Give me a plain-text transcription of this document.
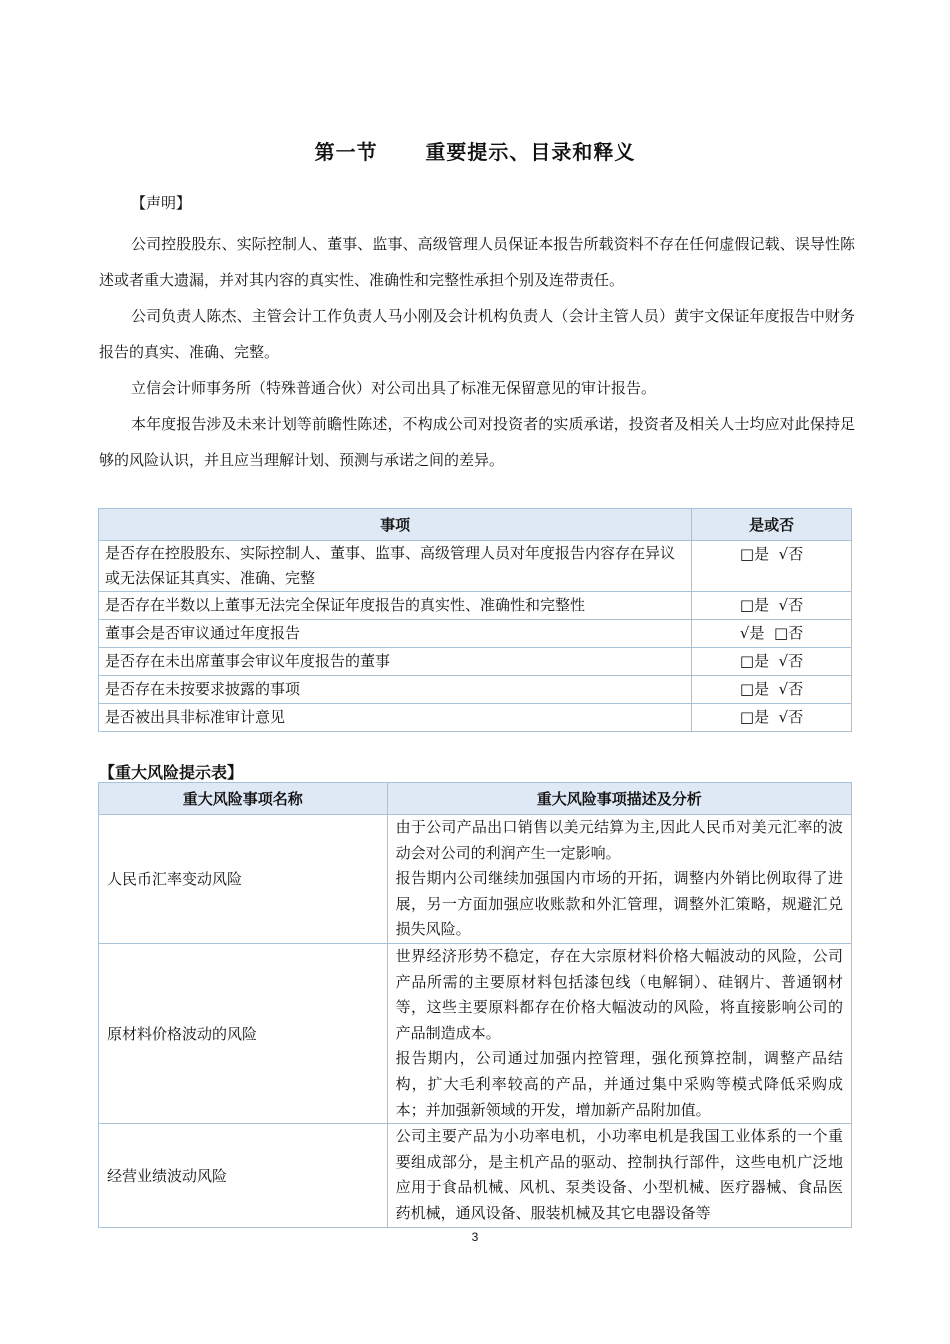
第一节      重要提示、目录和释义
【声明】
公司控股股东、实际控制人、董事、监事、高级管理人员保证本报告所载资料不存在任何虚假记载、误导性陈述或者重大遗漏，并对其内容的真实性、准确性和完整性承担个别及连带责任。
公司负责人陈杰、主管会计工作负责人马小刚及会计机构负责人（会计主管人员）黄宇文保证年度报告中财务报告的真实、准确、完整。
立信会计师事务所（特殊普通合伙）对公司出具了标准无保留意见的审计报告。
本年度报告涉及未来计划等前瞻性陈述，不构成公司对投资者的实质承诺，投资者及相关人士均应对此保持足够的风险认识，并且应当理解计划、预测与承诺之间的差异。
事项	是或否
是否存在控股股东、实际控制人、董事、监事、高级管理人员对年度报告内容存在异议或无法保证其真实、准确、完整	□是  √否
是否存在半数以上董事无法完全保证年度报告的真实性、准确性和完整性	□是  √否
董事会是否审议通过年度报告	√是  □否
是否存在未出席董事会审议年度报告的董事	□是  √否
是否存在未按要求披露的事项	□是  √否
是否被出具非标准审计意见	□是  √否
【重大风险提示表】
重大风险事项名称	重大风险事项描述及分析
人民币汇率变动风险	由于公司产品出口销售以美元结算为主,因此人民币对美元汇率的波动会对公司的利润产生一定影响。
报告期内公司继续加强国内市场的开拓，调整内外销比例取得了进展，另一方面加强应收账款和外汇管理，调整外汇策略，规避汇兑损失风险。

原材料价格波动的风险	世界经济形势不稳定，存在大宗原材料价格大幅波动的风险，公司产品所需的主要原材料包括漆包线（电解铜）、硅钢片、普通钢材等，这些主要原料都存在价格大幅波动的风险，将直接影响公司的产品制造成本。
报告期内，公司通过加强内控管理，强化预算控制，调整产品结构，扩大毛利率较高的产品，并通过集中采购等模式降低采购成本；并加强新领域的开发，增加新产品附加值。

经营业绩波动风险	公司主要产品为小功率电机，小功率电机是我国工业体系的一个重要组成部分，是主机产品的驱动、控制执行部件，这些电机广泛地应用于食品机械、风机、泵类设备、小型机械、医疗器械、食品医药机械，通风设备、服装机械及其它电器设备等
3
